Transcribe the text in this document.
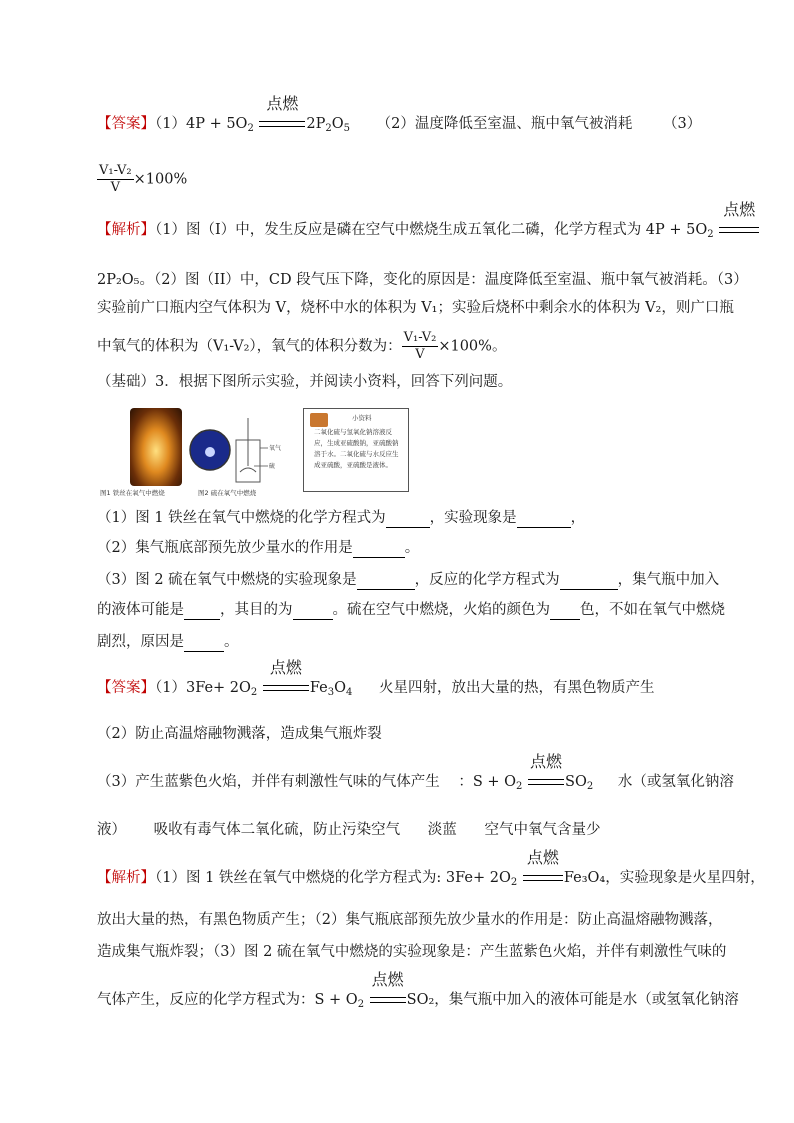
【答案】$(1)4P + 5O_2$
点燃
$2P_2O_5$ （2）温度降低至室温、瓶中氧气被消耗 （3）
$\frac{\text{V₁-V₂}}{V} \times 100\%$
【解析】（1）图（I）中，发生反应是磷在空气中燃烧生成五氧化二磷，化学方程式为 $4P + 5O_2$
点燃
2P₂O₅。（2）图（II）中，CD 段气压下降，变化的原因是：温度降低至室温、瓶中氧气被消耗。（3）
实验前广口瓶内空气体积为 V，烧杯中水的体积为 V₁；实验后烧杯中剩余水的体积为 V₂，则广口瓶
中氧气的体积为（V₁-V₂），氧气的体积分数为： $\frac{\text{V₁-V₂}}{V} \times 100\%$。
（基础）3．根据下图所示实验，并阅读小资料，回答下列问题。
氧气
硫
图1 铁丝在氧气中燃烧	图2 硫在氧气中燃烧
小资料
二氧化硫与氢氧化钠溶液反应，生成亚硫酸钠，亚硫酸钠溶于水。二氧化硫与水反应生成亚硫酸，亚硫酸是液体。
（1）图 1 铁丝在氧气中燃烧的化学方程式为	，实验现象是	，
（2）集气瓶底部预先放少量水的作用是	。
（3）图 2 硫在氧气中燃烧的实验现象是	，反应的化学方程式为	，集气瓶中加入
的液体可能是 ，其目的为	。硫在空气中燃烧，火焰的颜色为 色，不如在氧气中燃烧
剧烈，原因是	。
【答案】$(1)3Fe+ 2O_2$
点燃
$Fe_3O_4$ 火星四射，放出大量的热，有黑色物质产生
（2）防止高温熔融物溅落，造成集气瓶炸裂
（3）产生蓝紫色火焰，并伴有刺激性气味的气体产生 ：$S + O_2$
点燃
$SO_2$ 水（或氢氧化钠溶
液）      吸收有毒气体二氧化硫，防止污染空气      淡蓝      空气中氧气含量少
【解析】（1）图 1 铁丝在氧气中燃烧的化学方程式为: $3Fe+ 2O_2$
点燃
Fe₃O₄，实验现象是火星四射，
放出大量的热，有黑色物质产生；（2）集气瓶底部预先放少量水的作用是：防止高温熔融物溅落，
造成集气瓶炸裂；（3）图 2 硫在氧气中燃烧的实验现象是：产生蓝紫色火焰，并伴有刺激性气味的
气体产生，反应的化学方程式为：$S + O_2$
点燃
SO₂，集气瓶中加入的液体可能是水（或氢氧化钠溶
